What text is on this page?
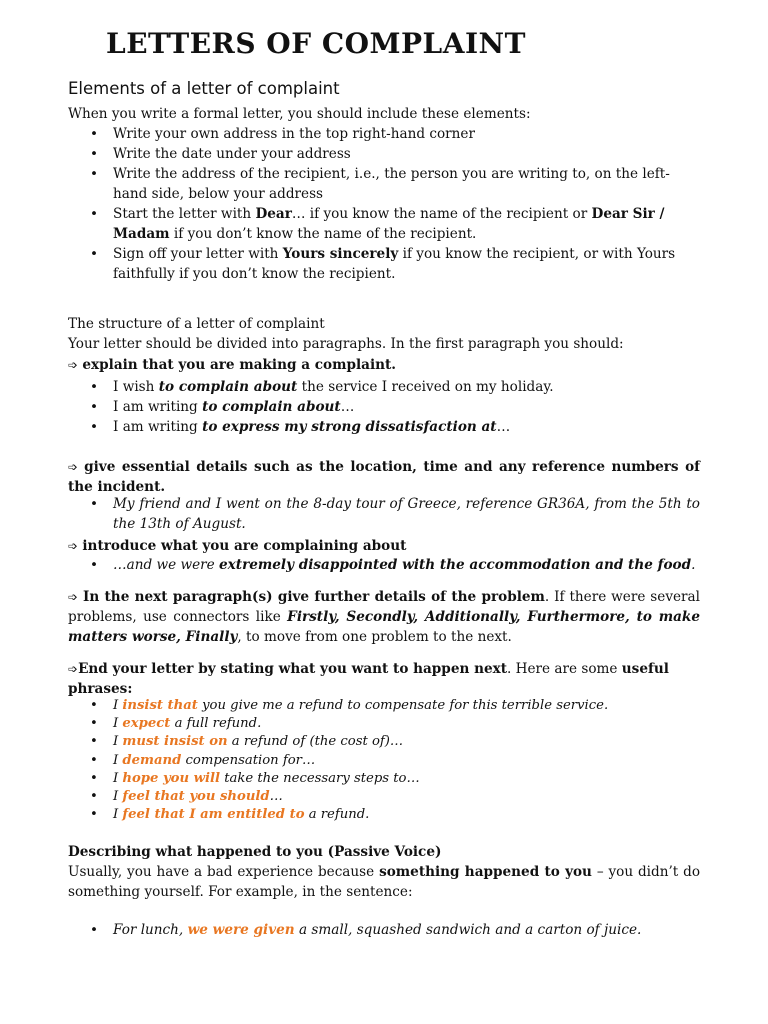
LETTERS OF COMPLAINT
Elements of a letter of complaint
When you write a formal letter, you should include these elements:
• Write your own address in the top right-hand corner
• Write the date under your address
• Write the address of the recipient, i.e., the person you are writing to, on the left-hand side, below your address
• Start the letter with Dear… if you know the name of the recipient or Dear Sir / Madam if you don’t know the name of the recipient.
• Sign off your letter with Yours sincerely if you know the recipient, or with Yours faithfully if you don’t know the recipient.
The structure of a letter of complaint
Your letter should be divided into paragraphs. In the first paragraph you should:
➩ explain that you are making a complaint.
• I wish to complain about the service I received on my holiday.
• I am writing to complain about…
• I am writing to express my strong dissatisfaction at…
➩ give essential details such as the location, time and any reference numbers of the incident.
• My friend and I went on the 8-day tour of Greece, reference GR36A, from the 5th to the 13th of August.
➩ introduce what you are complaining about
• …and we were extremely disappointed with the accommodation and the food.
➩ In the next paragraph(s) give further details of the problem. If there were several problems, use connectors like Firstly, Secondly, Additionally, Furthermore, to make matters worse, Finally, to move from one problem to the next.
➩End your letter by stating what you want to happen next. Here are some useful phrases:
• I insist that you give me a refund to compensate for this terrible service.
• I expect a full refund.
• I must insist on a refund of (the cost of)…
• I demand compensation for…
• I hope you will take the necessary steps to…
• I feel that you should…
• I feel that I am entitled to a refund.
Describing what happened to you (Passive Voice)
Usually, you have a bad experience because something happened to you – you didn’t do something yourself. For example, in the sentence:
• For lunch, we were given a small, squashed sandwich and a carton of juice.
